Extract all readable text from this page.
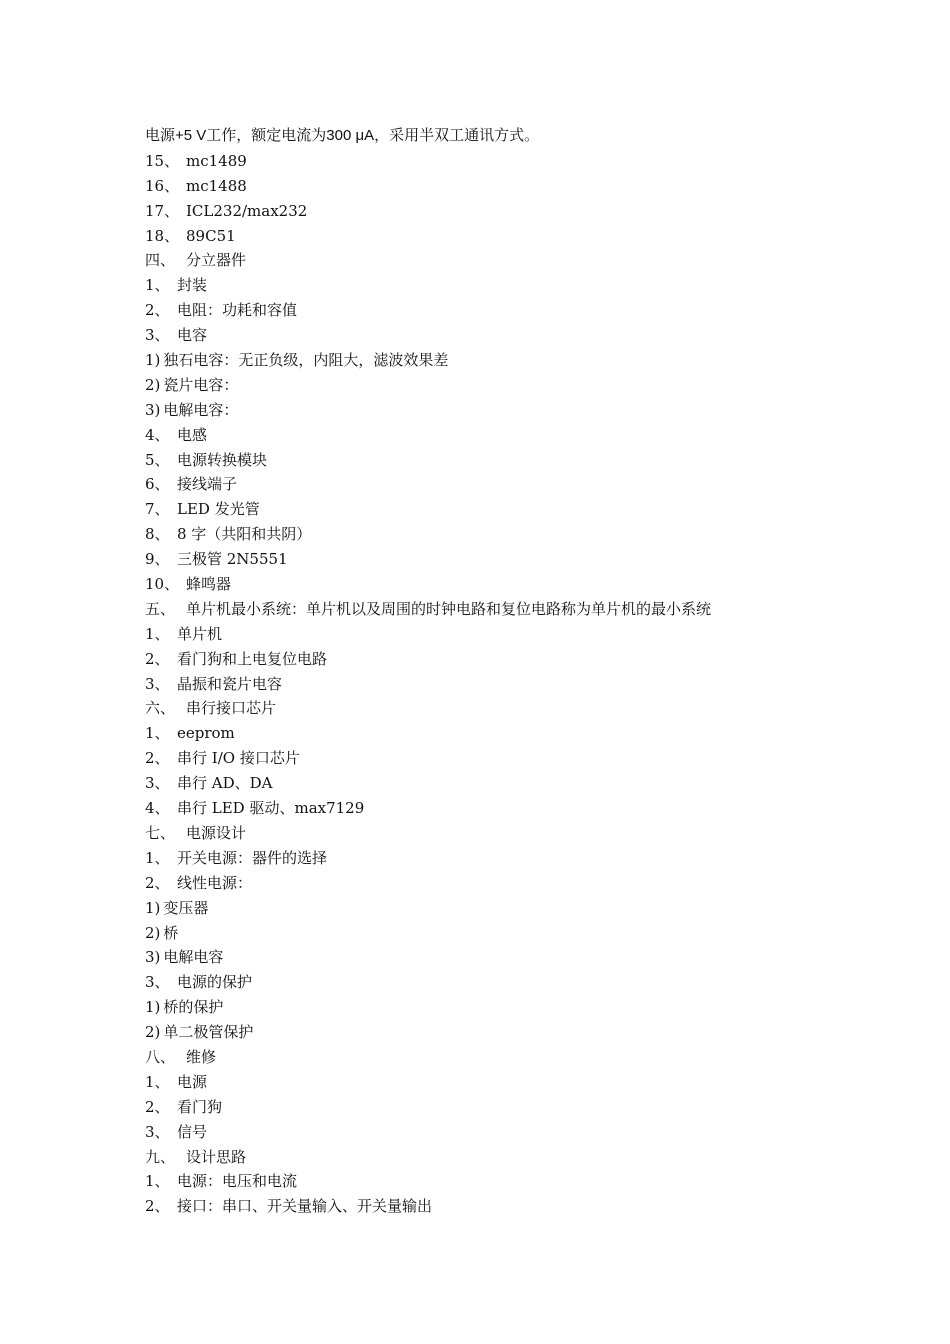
电源+5 V工作，额定电流为300 μA，采用半双工通讯方式。
15、 mc1489
16、 mc1488
17、 ICL232/max232
18、 89C51
四、 分立器件
1、 封装
2、 电阻：功耗和容值
3、 电容
1) 独石电容：无正负级，内阻大，滤波效果差
2) 瓷片电容：
3) 电解电容：
4、 电感
5、 电源转换模块
6、 接线端子
7、 LED 发光管
8、 8 字（共阳和共阴）
9、 三极管 2N5551
10、 蜂鸣器
五、 单片机最小系统：单片机以及周围的时钟电路和复位电路称为单片机的最小系统
1、 单片机
2、 看门狗和上电复位电路
3、 晶振和瓷片电容
六、 串行接口芯片
1、 eeprom
2、 串行 I/O 接口芯片
3、 串行 AD、DA
4、 串行 LED 驱动、max7129
七、 电源设计
1、 开关电源：器件的选择
2、 线性电源：
1) 变压器
2) 桥
3) 电解电容
3、 电源的保护
1) 桥的保护
2) 单二极管保护
八、 维修
1、 电源
2、 看门狗
3、 信号
九、 设计思路
1、 电源：电压和电流
2、 接口：串口、开关量输入、开关量输出
